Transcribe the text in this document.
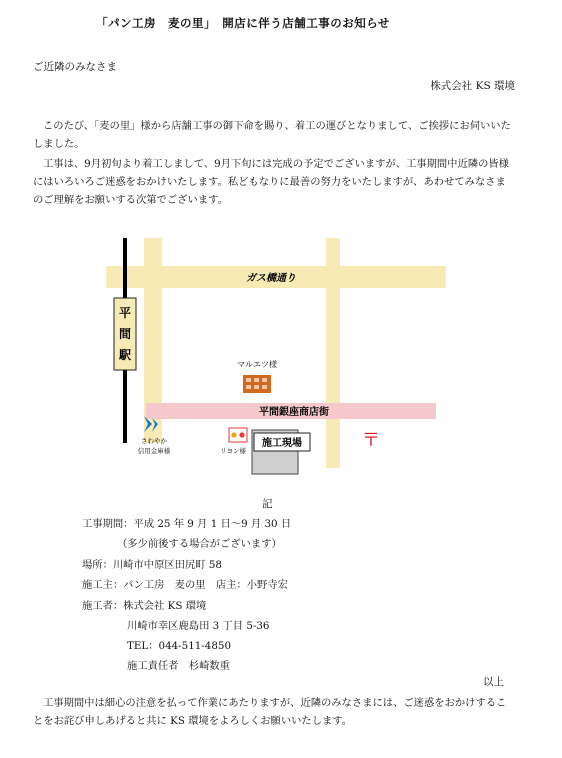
「パン工房　麦の里」　開店に伴う店舗工事のお知らせ
ご近隣のみなさま
株式会社 KS 環境
このたび、「麦の里」様から店舗工事の御下命を賜り、着工の運びとなりまして、ご挨拶にお伺いいたしました。
工事は、9月初旬より着工しまして、9月下旬には完成の予定でございますが、工事期間中近隣の皆様にはいろいろご迷惑をおかけいたします。私どもなりに最善の努力をいたしますが、あわせてみなさまのご理解をお願いする次第でございます。
平
間
駅
ガス橋通り
平間銀座商店街
マルエツ様
施工現場
リヨン様
さわやか
信用金庫様	〒
記
工事期間：平成 25 年 9 月 1 日～9 月 30 日
（多少前後する場合がございます）
場所：川崎市中原区田尻町 58
施工主：パン工房　麦の里　店主：小野寺宏
施工者：株式会社 KS 環境
川崎市幸区鹿島田 3 丁目 5-36
TEL：044-511-4850
施工責任者　杉崎数重
以上
工事期間中は細心の注意を払って作業にあたりますが、近隣のみなさまには、ご迷惑をおかけすることをお詫び申しあげると共に KS 環境をよろしくお願いいたします。
